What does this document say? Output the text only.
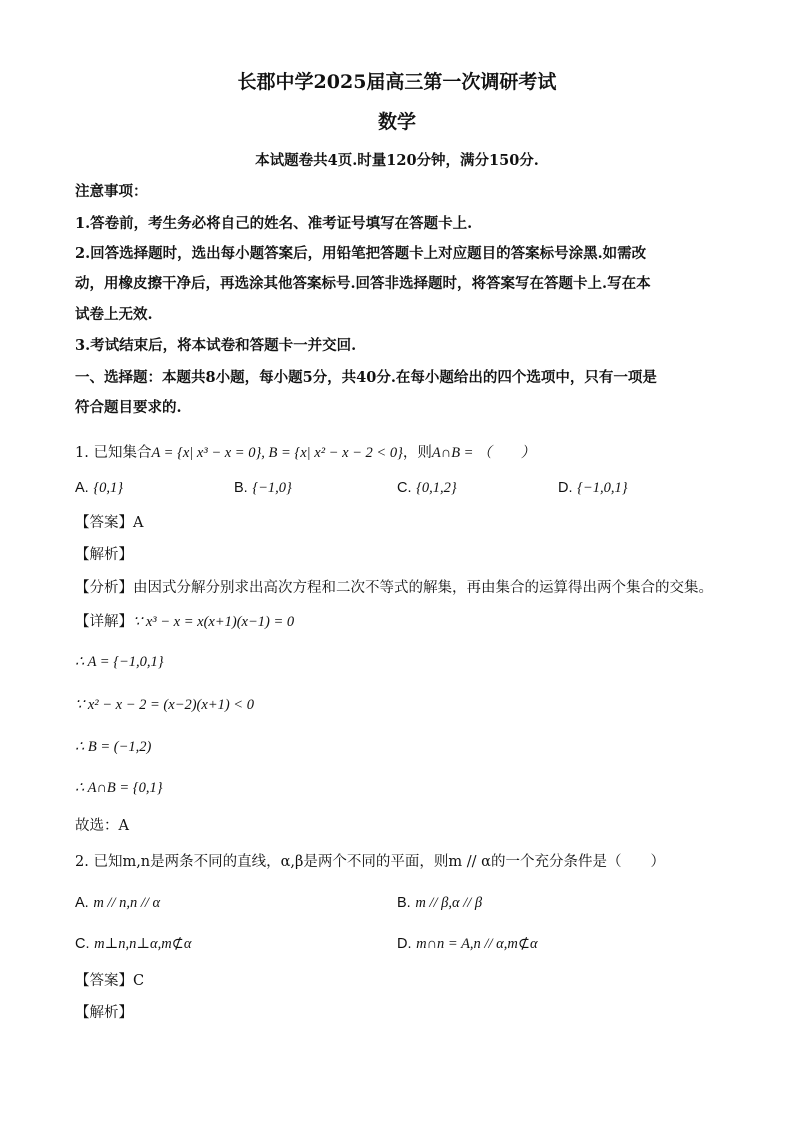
长郡中学2025届高三第一次调研考试
数学
本试题卷共4页.时量120分钟，满分150分.
注意事项：
1.答卷前，考生务必将自己的姓名、准考证号填写在答题卡上.
2.回答选择题时，选出每小题答案后，用铅笔把答题卡上对应题目的答案标号涂黑.如需改
动，用橡皮擦干净后，再选涂其他答案标号.回答非选择题时，将答案写在答题卡上.写在本
试卷上无效.
3.考试结束后，将本试卷和答题卡一并交回.
一、选择题：本题共8小题，每小题5分，共40分.在每小题给出的四个选项中，只有一项是
符合题目要求的.
1. 已知集合A = {x| x³ − x = 0}, B = {x| x² − x − 2 < 0}，则A∩B = （　　）
A. {0,1}	B. {−1,0}	C. {0,1,2}	D. {−1,0,1}
【答案】A
【解析】
【分析】由因式分解分别求出高次方程和二次不等式的解集，再由集合的运算得出两个集合的交集。
【详解】∵ x³ − x = x(x+1)(x−1) = 0
∴ A = {−1,0,1}
∵ x² − x − 2 = (x−2)(x+1) < 0
∴ B = (−1,2)
∴ A∩B = {0,1}
故选：A
2. 已知m,n是两条不同的直线，α,β是两个不同的平面，则m // α的一个充分条件是（　　）
A. m // n,n // α	B. m // β,α // β
C. m⊥n,n⊥α,m⊄α	D. m∩n = A,n // α,m⊄α
【答案】C
【解析】
